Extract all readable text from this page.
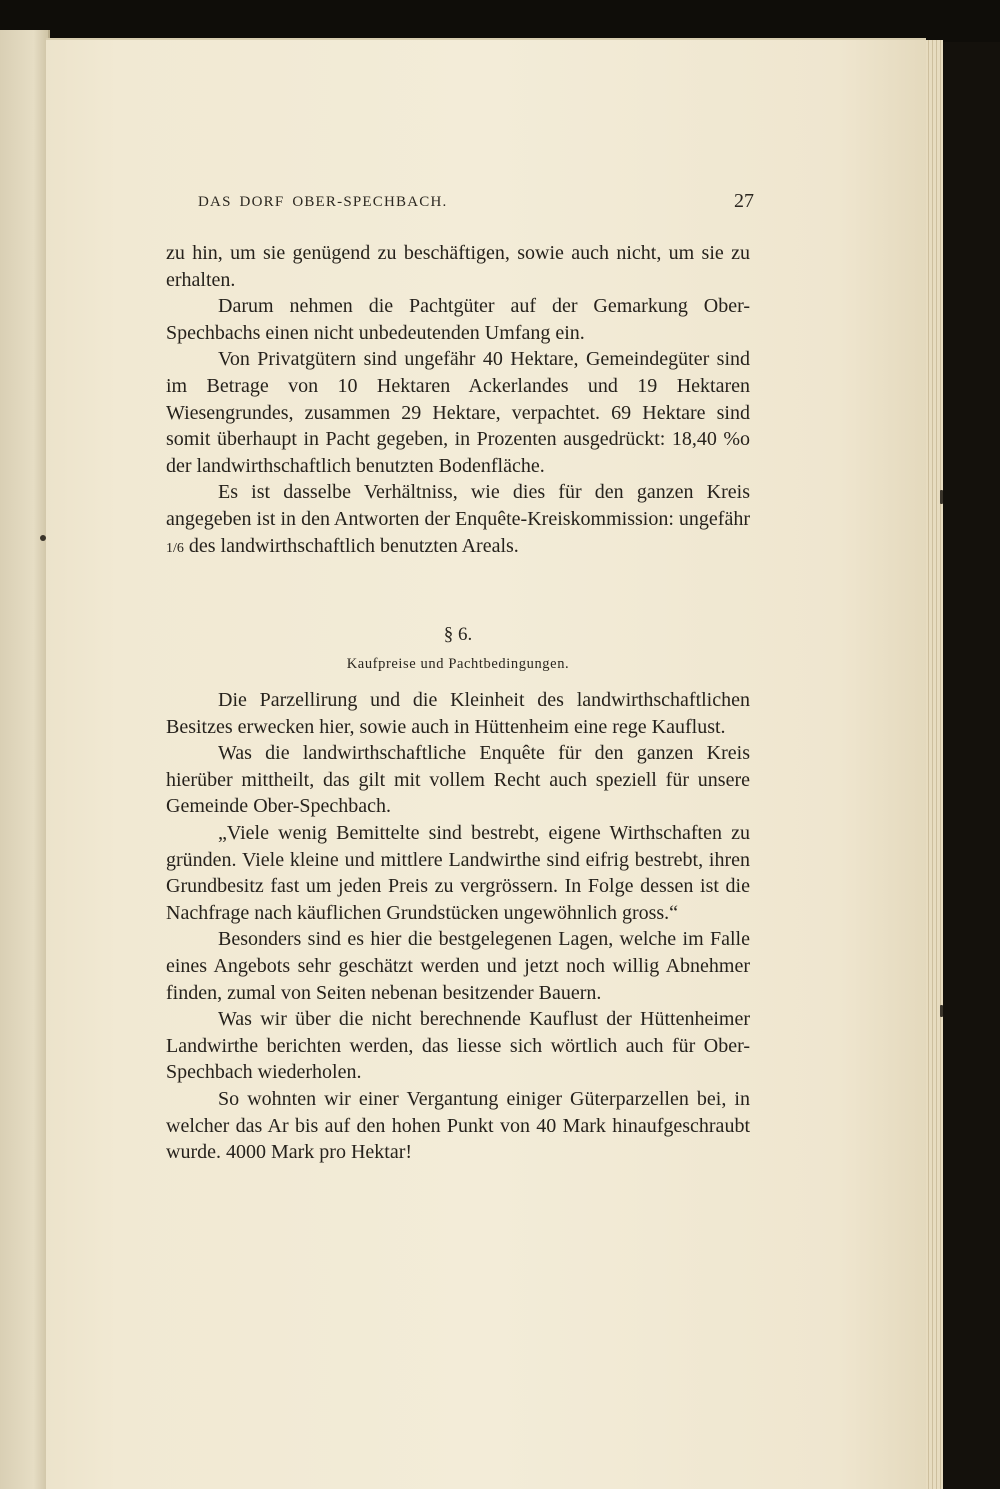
DAS DORF OBER-SPECHBACH.	27

zu hin, um sie genügend zu beschäftigen, sowie auch nicht, um sie zu erhalten.

Darum nehmen die Pachtgüter auf der Gemarkung Ober-Spechbachs einen nicht unbedeutenden Umfang ein.

Von Privatgütern sind ungefähr 40 Hektare, Gemeindegüter sind im Betrage von 10 Hektaren Ackerlandes und 19 Hektaren Wiesengrundes, zusammen 29 Hektare, verpachtet. 69 Hektare sind somit überhaupt in Pacht gegeben, in Prozenten ausgedrückt: 18,40 %o der landwirthschaftlich benutzten Bodenfläche.

Es ist dasselbe Verhältniss, wie dies für den ganzen Kreis angegeben ist in den Antworten der Enquête-Kreiskommission: ungefähr 1/6 des landwirthschaftlich benutzten Areals.

§ 6.
Kaufpreise und Pachtbedingungen.

Die Parzellirung und die Kleinheit des landwirthschaftlichen Besitzes erwecken hier, sowie auch in Hüttenheim eine rege Kauflust.

Was die landwirthschaftliche Enquête für den ganzen Kreis hierüber mittheilt, das gilt mit vollem Recht auch speziell für unsere Gemeinde Ober-Spechbach.

„Viele wenig Bemittelte sind bestrebt, eigene Wirthschaften zu gründen. Viele kleine und mittlere Landwirthe sind eifrig bestrebt, ihren Grundbesitz fast um jeden Preis zu vergrössern. In Folge dessen ist die Nachfrage nach käuflichen Grundstücken ungewöhnlich gross.“

Besonders sind es hier die bestgelegenen Lagen, welche im Falle eines Angebots sehr geschätzt werden und jetzt noch willig Abnehmer finden, zumal von Seiten nebenan besitzender Bauern.

Was wir über die nicht berechnende Kauflust der Hüttenheimer Landwirthe berichten werden, das liesse sich wörtlich auch für Ober-Spechbach wiederholen.

So wohnten wir einer Vergantung einiger Güterparzellen bei, in welcher das Ar bis auf den hohen Punkt von 40 Mark hinaufgeschraubt wurde. 4000 Mark pro Hektar!
